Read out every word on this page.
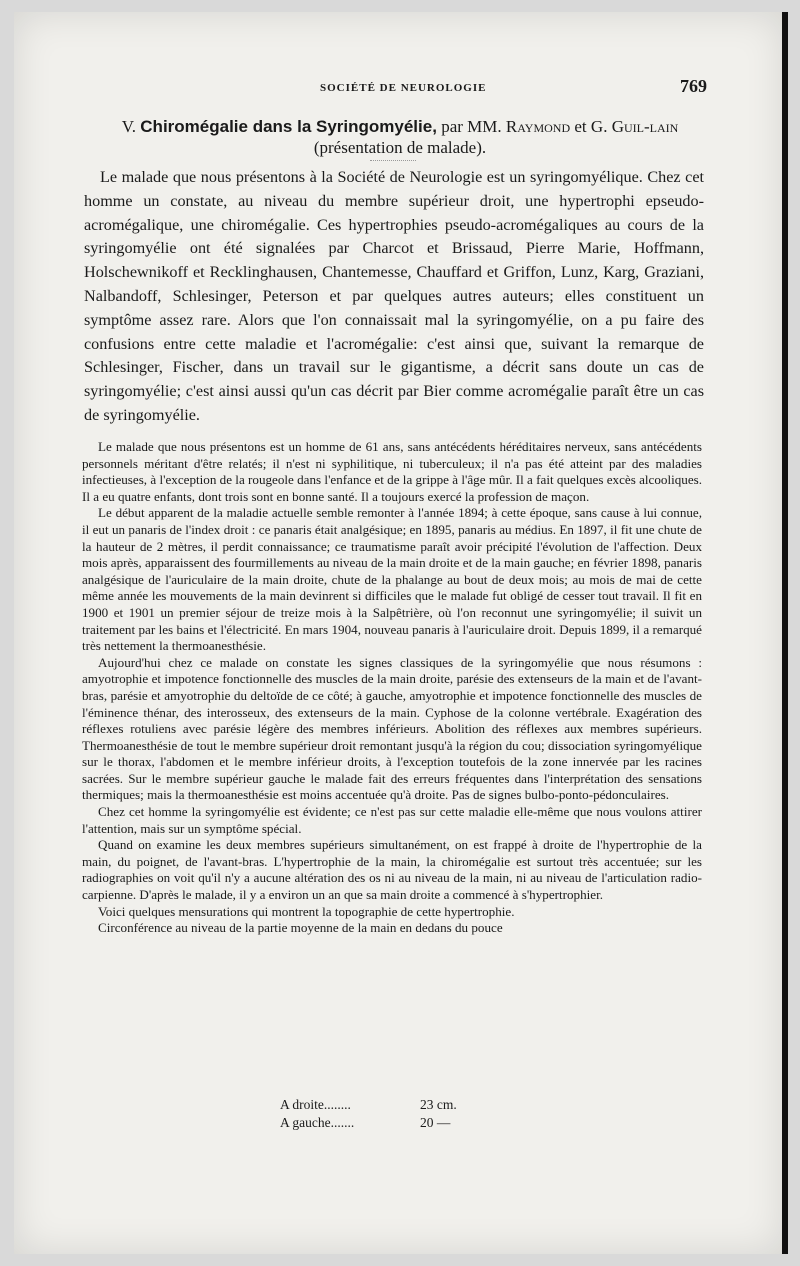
SOCIÉTÉ DE NEUROLOGIE	769
V. Chiromégalie dans la Syringomyélie, par MM. Raymond et G. Guil-lain (présentation de malade).
Le malade que nous présentons à la Société de Neurologie est un syringomyélique. Chez cet homme un constate, au niveau du membre supérieur droit, une hypertrophi epseudo-acromégalique, une chiromégalie. Ces hypertrophies pseudo-acromégaliques au cours de la syringomyélie ont été signalées par Charcot et Brissaud, Pierre Marie, Hoffmann, Holschewnikoff et Recklinghausen, Chantemesse, Chauffard et Griffon, Lunz, Karg, Graziani, Nalbandoff, Schlesinger, Peterson et par quelques autres auteurs; elles constituent un symptôme assez rare. Alors que l'on connaissait mal la syringomyélie, on a pu faire des confusions entre cette maladie et l'acromégalie: c'est ainsi que, suivant la remarque de Schlesinger, Fischer, dans un travail sur le gigantisme, a décrit sans doute un cas de syringomyélie; c'est ainsi aussi qu'un cas décrit par Bier comme acromégalie paraît être un cas de syringomyélie.

Le malade que nous présentons est un homme de 61 ans, sans antécédents héréditaires nerveux, sans antécédents personnels méritant d'être relatés; il n'est ni syphilitique, ni tuberculeux; il n'a pas été atteint par des maladies infectieuses, à l'exception de la rougeole dans l'enfance et de la grippe à l'âge mûr. Il a fait quelques excès alcooliques. Il a eu quatre enfants, dont trois sont en bonne santé. Il a toujours exercé la profession de maçon.

Le début apparent de la maladie actuelle semble remonter à l'année 1894; à cette époque, sans cause à lui connue, il eut un panaris de l'index droit : ce panaris était analgésique; en 1895, panaris au médius. En 1897, il fit une chute de la hauteur de 2 mètres, il perdit connaissance; ce traumatisme paraît avoir précipité l'évolution de l'affection. Deux mois après, apparaissent des fourmillements au niveau de la main droite et de la main gauche; en février 1898, panaris analgésique de l'auriculaire de la main droite, chute de la phalange au bout de deux mois; au mois de mai de cette même année les mouvements de la main devinrent si difficiles que le malade fut obligé de cesser tout travail. Il fit en 1900 et 1901 un premier séjour de treize mois à la Salpêtrière, où l'on reconnut une syringomyélie; il suivit un traitement par les bains et l'électricité. En mars 1904, nouveau panaris à l'auriculaire droit. Depuis 1899, il a remarqué très nettement la thermoanesthésie.

Aujourd'hui chez ce malade on constate les signes classiques de la syringomyélie que nous résumons : amyotrophie et impotence fonctionnelle des muscles de la main droite, parésie des extenseurs de la main et de l'avant-bras, parésie et amyotrophie du deltoïde de ce côté; à gauche, amyotrophie et impotence fonctionnelle des muscles de l'éminence thénar, des interosseux, des extenseurs de la main. Cyphose de la colonne vertébrale. Exagération des réflexes rotuliens avec parésie légère des membres inférieurs. Abolition des réflexes aux membres supérieurs. Thermoanesthésie de tout le membre supérieur droit remontant jusqu'à la région du cou; dissociation syringomyélique sur le thorax, l'abdomen et le membre inférieur droits, à l'exception toutefois de la zone innervée par les racines sacrées. Sur le membre supérieur gauche le malade fait des erreurs fréquentes dans l'interprétation des sensations thermiques; mais la thermoanesthésie est moins accentuée qu'à droite. Pas de signes bulbo-ponto-pédonculaires.

Chez cet homme la syringomyélie est évidente; ce n'est pas sur cette maladie elle-même que nous voulons attirer l'attention, mais sur un symptôme spécial.

Quand on examine les deux membres supérieurs simultanément, on est frappé à droite de l'hypertrophie de la main, du poignet, de l'avant-bras. L'hypertrophie de la main, la chiromégalie est surtout très accentuée; sur les radiographies on voit qu'il n'y a aucune altération des os ni au niveau de la main, ni au niveau de l'articulation radio-carpienne. D'après le malade, il y a environ un an que sa main droite a commencé à s'hypertrophier.

Voici quelques mensurations qui montrent la topographie de cette hypertrophie.

Circonférence au niveau de la partie moyenne de la main en dedans du pouce

A droite........	23 cm.
A gauche.......	20 —
